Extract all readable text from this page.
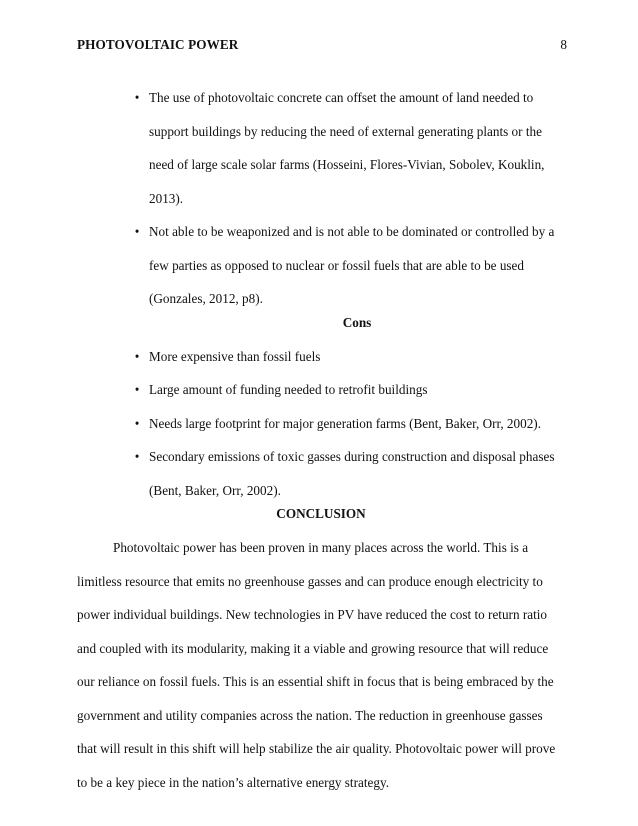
PHOTOVOLTAIC POWER	8
• The use of photovoltaic concrete can offset the amount of land needed to support buildings by reducing the need of external generating plants or the need of large scale solar farms (Hosseini, Flores-Vivian, Sobolev, Kouklin, 2013).
• Not able to be weaponized and is not able to be dominated or controlled by a few parties as opposed to nuclear or fossil fuels that are able to be used (Gonzales, 2012, p8).
Cons
• More expensive than fossil fuels
• Large amount of funding needed to retrofit buildings
• Needs large footprint for major generation farms (Bent, Baker, Orr, 2002).
• Secondary emissions of toxic gasses during construction and disposal phases (Bent, Baker, Orr, 2002).
CONCLUSION

Photovoltaic power has been proven in many places across the world. This is a limitless resource that emits no greenhouse gasses and can produce enough electricity to power individual buildings. New technologies in PV have reduced the cost to return ratio and coupled with its modularity, making it a viable and growing resource that will reduce our reliance on fossil fuels. This is an essential shift in focus that is being embraced by the government and utility companies across the nation. The reduction in greenhouse gasses that will result in this shift will help stabilize the air quality. Photovoltaic power will prove to be a key piece in the nation’s alternative energy strategy.
